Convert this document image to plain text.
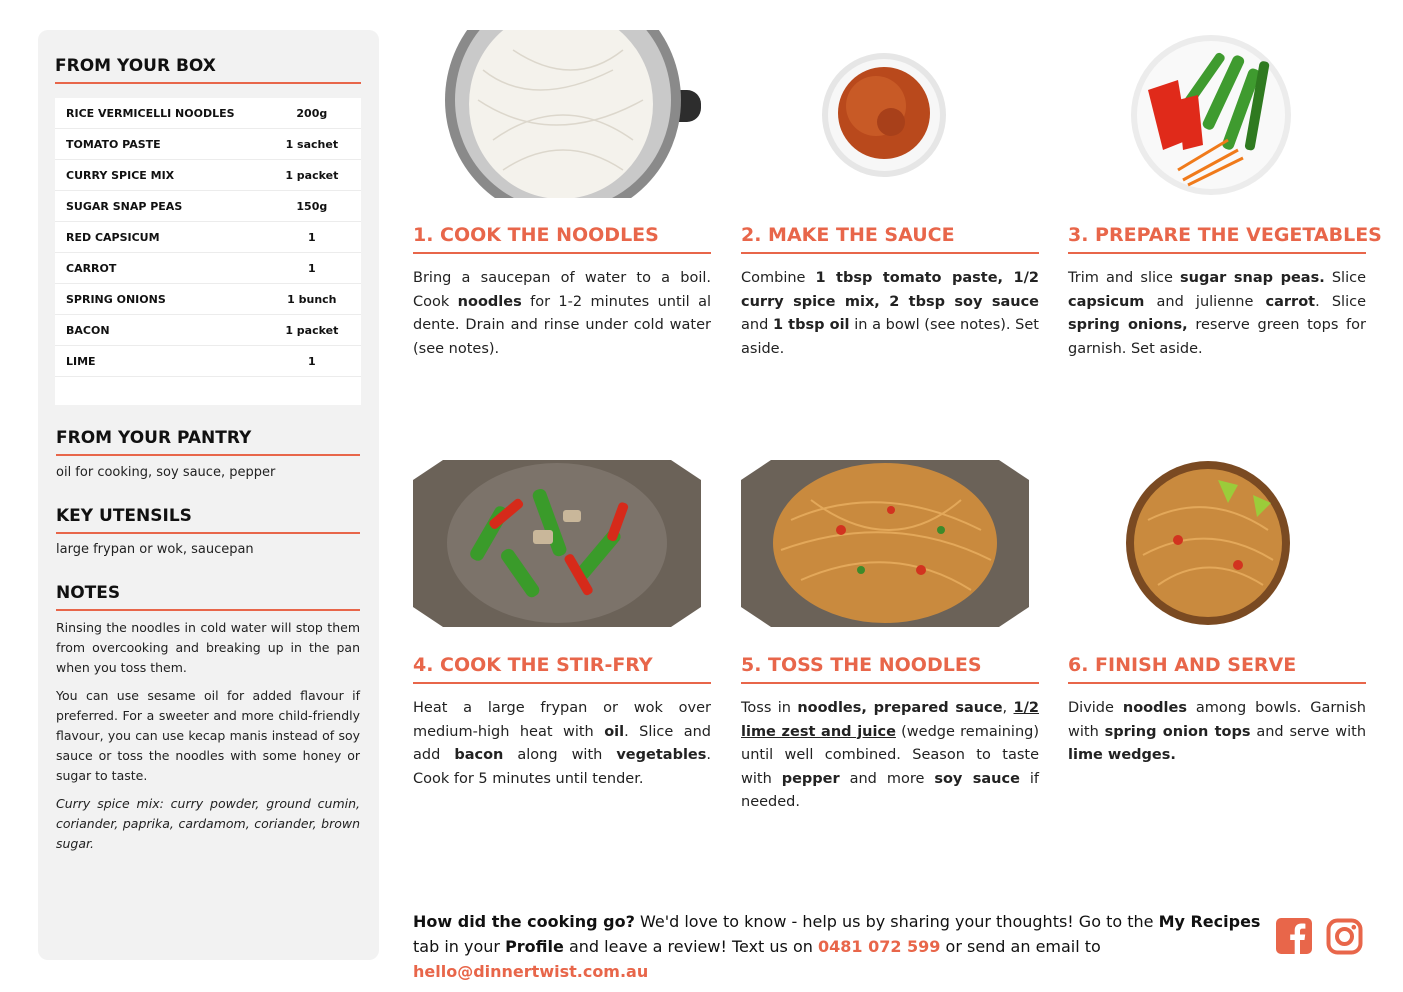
FROM YOUR BOX
RICE VERMICELLI NOODLES	200g
TOMATO PASTE	1 sachet
CURRY SPICE MIX	1 packet
SUGAR SNAP PEAS	150g
RED CAPSICUM	1
CARROT	1
SPRING ONIONS	1 bunch
BACON	1 packet
LIME	1
FROM YOUR PANTRY
oil for cooking, soy sauce, pepper
KEY UTENSILS
large frypan or wok, saucepan
NOTES

Rinsing the noodles in cold water will stop them from overcooking and breaking up in the pan when you toss them.

You can use sesame oil for added flavour if preferred. For a sweeter and more child-friendly flavour, you can use kecap manis instead of soy sauce or toss the noodles with some honey or sugar to taste.

Curry spice mix: curry powder, ground cumin, coriander, paprika, cardamom, coriander, brown sugar.

1. COOK THE NOODLES
Bring a saucepan of water to a boil. Cook noodles for 1-2 minutes until al dente. Drain and rinse under cold water (see notes).
2. MAKE THE SAUCE
Combine 1 tbsp tomato paste, 1/2 curry spice mix, 2 tbsp soy sauce and 1 tbsp oil in a bowl (see notes). Set aside.
3. PREPARE THE VEGETABLES
Trim and slice sugar snap peas. Slice capsicum and julienne carrot. Slice spring onions, reserve green tops for garnish. Set aside.
4. COOK THE STIR-FRY
Heat a large frypan or wok over medium-high heat with oil. Slice and add bacon along with vegetables. Cook for 5 minutes until tender.
5. TOSS THE NOODLES
Toss in noodles, prepared sauce, 1/2 lime zest and juice (wedge remaining) until well combined. Season to taste with pepper and more soy sauce if needed.
6. FINISH AND SERVE
Divide noodles among bowls. Garnish with spring onion tops and serve with lime wedges.
How did the cooking go? We'd love to know - help us by sharing your thoughts! Go to the My Recipes tab in your Profile and leave a review! Text us on 0481 072 599 or send an email to hello@dinnertwist.com.au
